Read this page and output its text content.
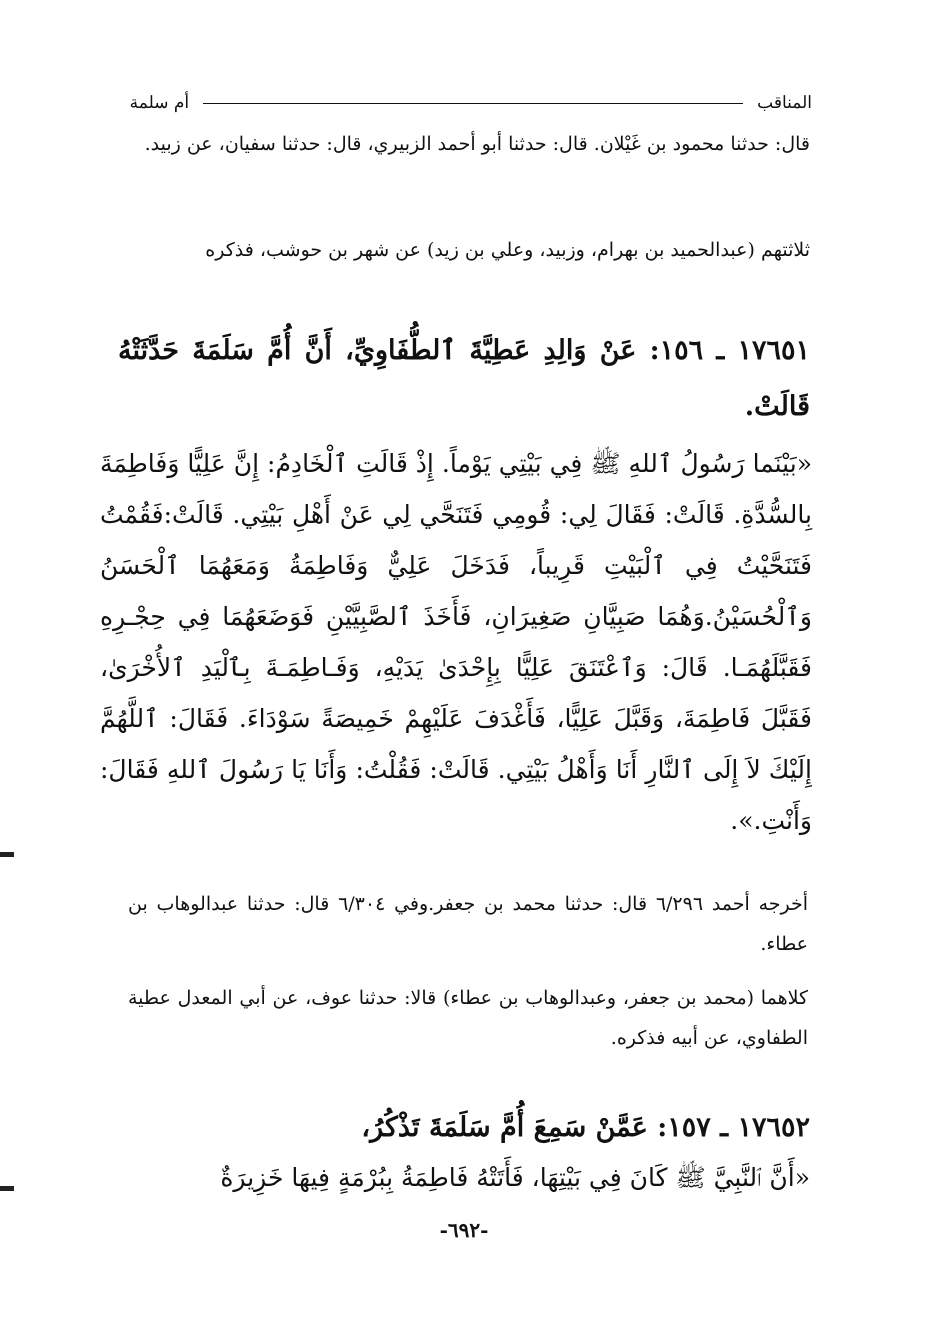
المناقب
أم سلمة

قال: حدثنا محمود بن غَيْلان. قال: حدثنا أبو أحمد الزبيري، قال: حدثنا سفيان، عن زبيد.

ثلاثتهم (عبدالحميد بن بهرام، وزبيد، وعلي بن زيد) عن شهر بن حوشب، فذكره

١٧٦٥١ ـ ١٥٦: عَنْ وَالِدِ عَطِيَّةَ ٱلطُّفَاوِيِّ، أَنَّ أُمَّ سَلَمَةَ حَدَّثَتْهُ قَالَتْ.

«بَيْنَما رَسُولُ ٱللهِ ﷺ فِي بَيْتِي يَوْماً. إِذْ قَالَتِ ٱلْخَادِمُ: إِنَّ عَلِيًّا وَفَاطِمَةَ بِالسُّدَّةِ. قَالَتْ: فَقَالَ لِي: قُومِي فَتَنَحَّي لِي عَنْ أَهْلِ بَيْتِي. قَالَتْ:فَقُمْتُ فَتَنَحَّيْتُ فِي ٱلْبَيْتِ قَرِيباً، فَدَخَلَ عَلِيٌّ وَفَاطِمَةُ وَمَعَهُمَا ٱلْحَسَنُ وَٱلْحُسَيْنُ.وَهُمَا صَبِيَّانِ صَغِيرَانِ، فَأَخَذَ ٱلصَّبِيَّيْنِ فَوَضَعَهُمَا فِي حِجْـرِهِ فَقَبَّلَهُمَـا. قَالَ: وَٱعْتَنَقَ عَلِيًّا بِإِحْدَىٰ يَدَيْهِ، وَفَـاطِمَـةَ بِٱلْيَدِ ٱلأُخْرَىٰ، فَقَبَّلَ فَاطِمَةَ، وَقَبَّلَ عَلِيًّا، فَأَغْدَفَ عَلَيْهِمْ خَمِيصَةً سَوْدَاءَ. فَقَالَ: ٱللَّهُمَّ إِلَيْكَ لاَ إِلَى ٱلنَّارِ أَنَا وَأَهْلُ بَيْتِي. قَالَتْ: فَقُلْتُ: وَأَنَا يَا رَسُولَ ٱللهِ فَقَالَ: وَأَنْتِ.».

أخرجه أحمد ٦/٢٩٦ قال: حدثنا محمد بن جعفر.وفي ٦/٣٠٤ قال: حدثنا عبدالوهاب بن عطاء.

كلاهما (محمد بن جعفر، وعبدالوهاب بن عطاء) قالا: حدثنا عوف، عن أبي المعدل عطية الطفاوي، عن أبيه فذكره.

١٧٦٥٢ ـ ١٥٧: عَمَّنْ سَمِعَ أُمَّ سَلَمَةَ تَذْكُرُ،

«أَنَّ ٱلنَّبِيَّ ﷺ كَانَ فِي بَيْتِهَا، فَأَتَتْهُ فَاطِمَةُ بِبُرْمَةٍ فِيهَا خَزِيرَةٌ

-٦٩٢-
